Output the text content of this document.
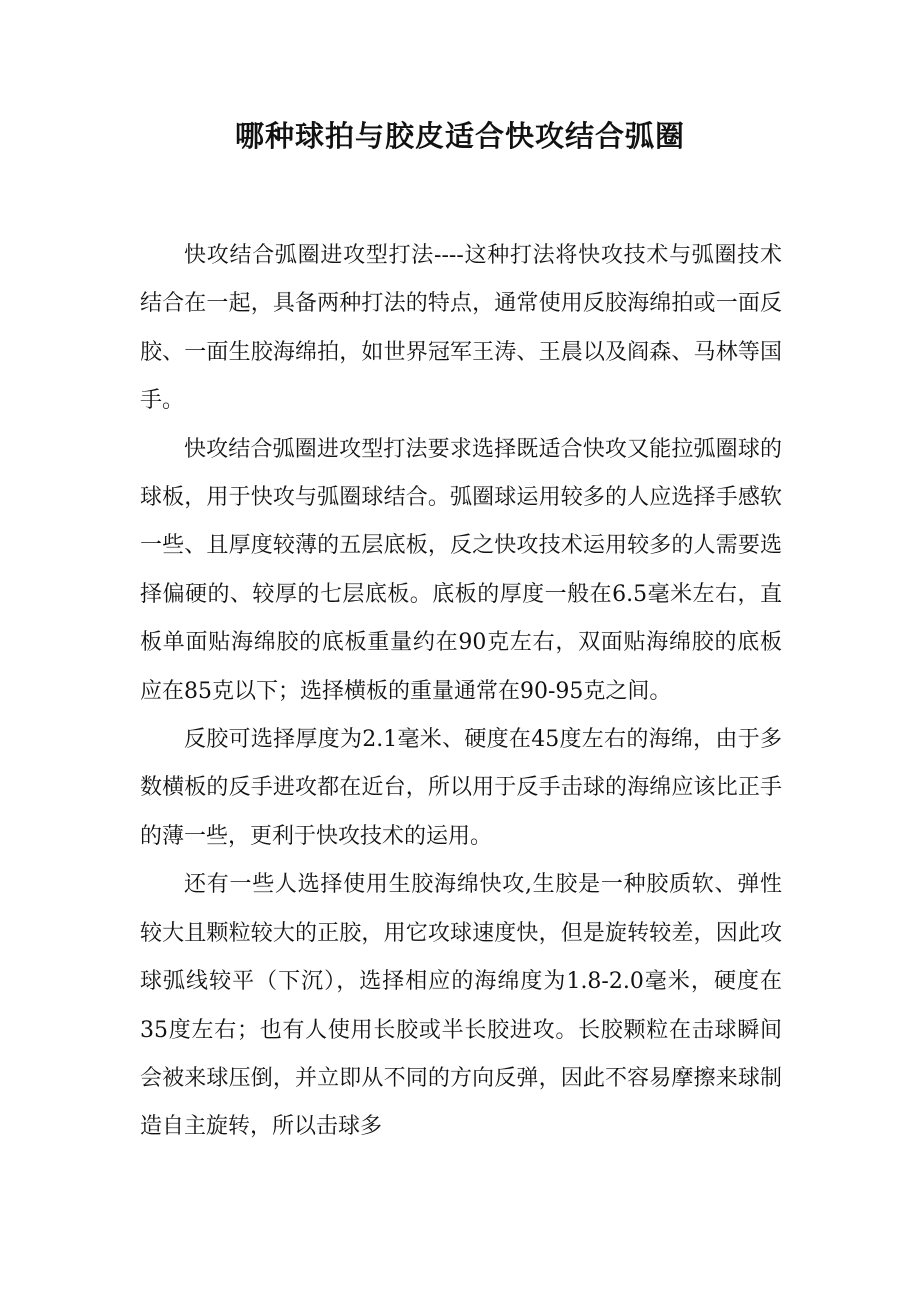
哪种球拍与胶皮适合快攻结合弧圈

快攻结合弧圈进攻型打法----这种打法将快攻技术与弧圈技术结合在一起，具备两种打法的特点，通常使用反胶海绵拍或一面反胶、一面生胶海绵拍，如世界冠军王涛、王晨以及阎森、马林等国手。

快攻结合弧圈进攻型打法要求选择既适合快攻又能拉弧圈球的球板，用于快攻与弧圈球结合。弧圈球运用较多的人应选择手感软一些、且厚度较薄的五层底板，反之快攻技术运用较多的人需要选择偏硬的、较厚的七层底板。底板的厚度一般在6.5毫米左右，直板单面贴海绵胶的底板重量约在90克左右，双面贴海绵胶的底板应在85克以下；选择横板的重量通常在90-95克之间。

反胶可选择厚度为2.1毫米、硬度在45度左右的海绵，由于多数横板的反手进攻都在近台，所以用于反手击球的海绵应该比正手的薄一些，更利于快攻技术的运用。

还有一些人选择使用生胶海绵快攻,生胶是一种胶质软、弹性较大且颗粒较大的正胶，用它攻球速度快，但是旋转较差，因此攻球弧线较平（下沉），选择相应的海绵度为1.8-2.0毫米，硬度在35度左右；也有人使用长胶或半长胶进攻。长胶颗粒在击球瞬间会被来球压倒，并立即从不同的方向反弹，因此不容易摩擦来球制造自主旋转，所以击球多
